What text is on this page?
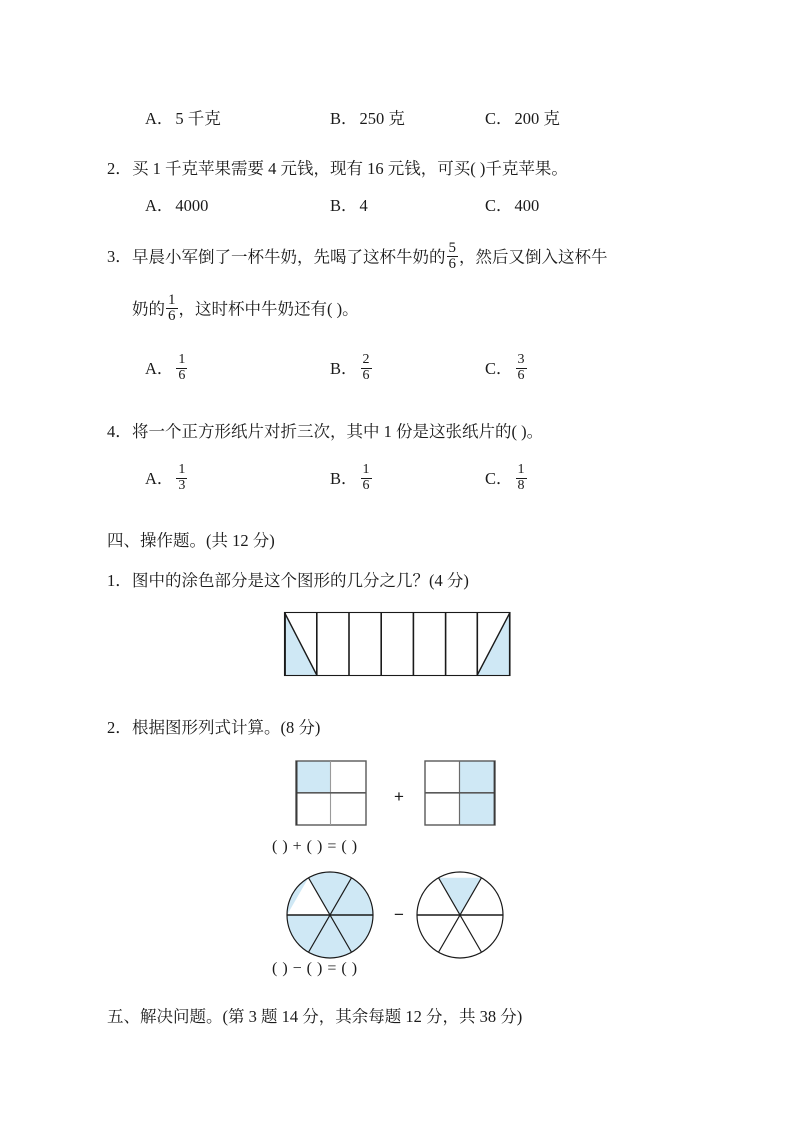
A． 5 千克	B． 250 克	C． 200 克
2． 买 1 千克苹果需要 4 元钱，现有 16 元钱，可买( )千克苹果。
A． 4000	B． 4	C． 400
3． 早晨小军倒了一杯牛奶，先喝了这杯牛奶的 $\frac{5}{6}$ ，然后又倒入这杯牛
奶的 $\frac{1}{6}$ ，这时杯中牛奶还有( )。
A． $\frac{1}{6}$	B． $\frac{2}{6}$	C． $\frac{3}{6}$
4． 将一个正方形纸片对折三次，其中 1 份是这张纸片的( )。
A． $\frac{1}{3}$	B． $\frac{1}{6}$	C． $\frac{1}{8}$
四、操作题。(共 12 分)
1． 图中的涂色部分是这个图形的几分之几？(4 分)
2． 根据图形列式计算。(8 分)
+
( ) + ( ) = ( )
−
( ) − ( ) = ( )
五、解决问题。(第 3 题 14 分，其余每题 12 分，共 38 分)
